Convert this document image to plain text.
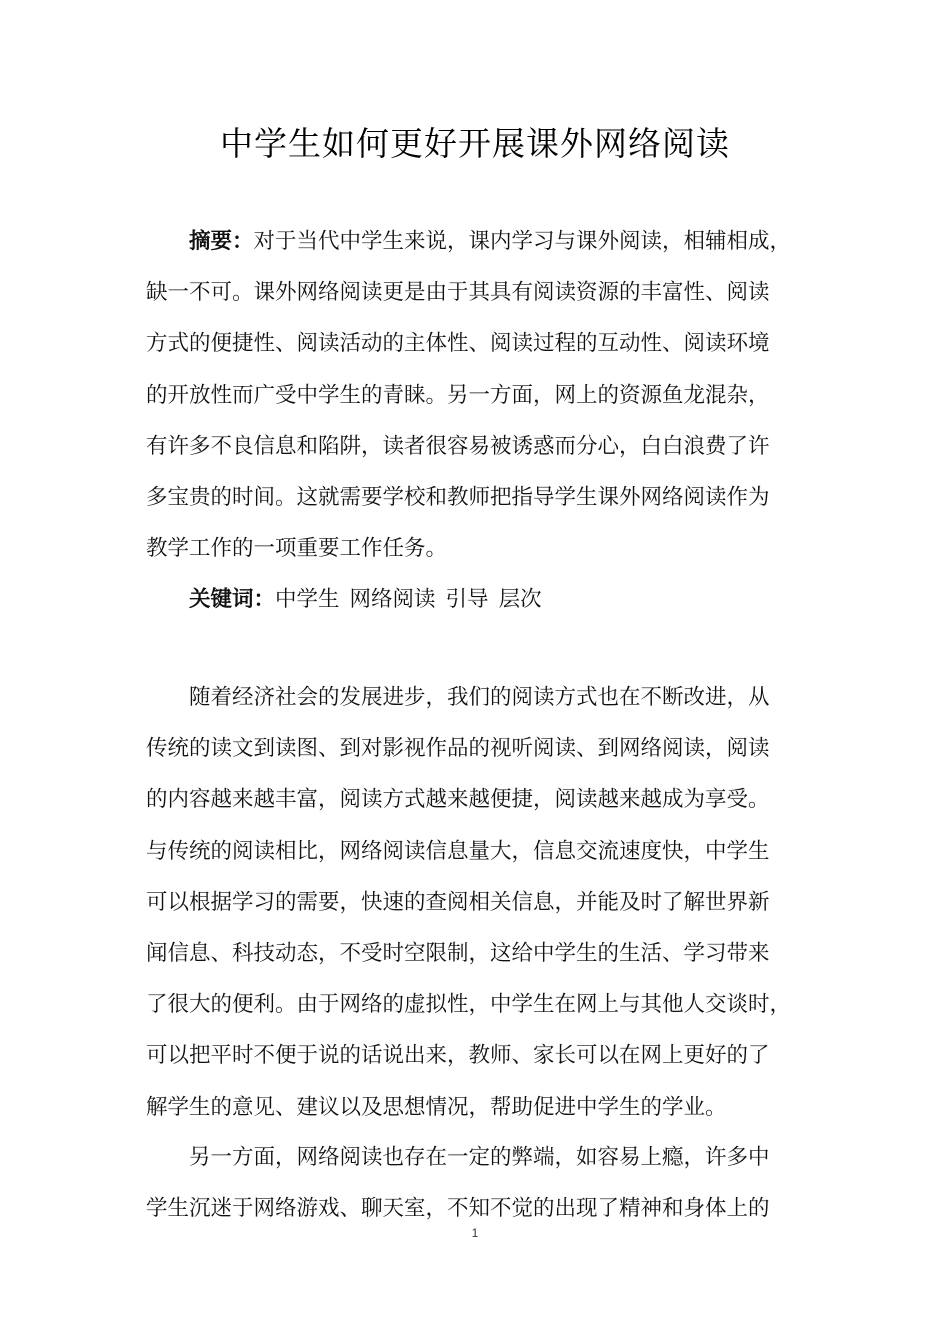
中学生如何更好开展课外网络阅读
摘要：对于当代中学生来说，课内学习与课外阅读，相辅相成，
缺一不可。课外网络阅读更是由于其具有阅读资源的丰富性、阅读
方式的便捷性、阅读活动的主体性、阅读过程的互动性、阅读环境
的开放性而广受中学生的青睐。另一方面，网上的资源鱼龙混杂，
有许多不良信息和陷阱，读者很容易被诱惑而分心，白白浪费了许
多宝贵的时间。这就需要学校和教师把指导学生课外网络阅读作为
教学工作的一项重要工作任务。
关键词：中学生 网络阅读 引导 层次
随着经济社会的发展进步，我们的阅读方式也在不断改进，从
传统的读文到读图、到对影视作品的视听阅读、到网络阅读，阅读
的内容越来越丰富，阅读方式越来越便捷，阅读越来越成为享受。
与传统的阅读相比，网络阅读信息量大，信息交流速度快，中学生
可以根据学习的需要，快速的查阅相关信息，并能及时了解世界新
闻信息、科技动态，不受时空限制，这给中学生的生活、学习带来
了很大的便利。由于网络的虚拟性，中学生在网上与其他人交谈时，
可以把平时不便于说的话说出来，教师、家长可以在网上更好的了
解学生的意见、建议以及思想情况，帮助促进中学生的学业。
另一方面，网络阅读也存在一定的弊端，如容易上瘾，许多中
学生沉迷于网络游戏、聊天室，不知不觉的出现了精神和身体上的
1
